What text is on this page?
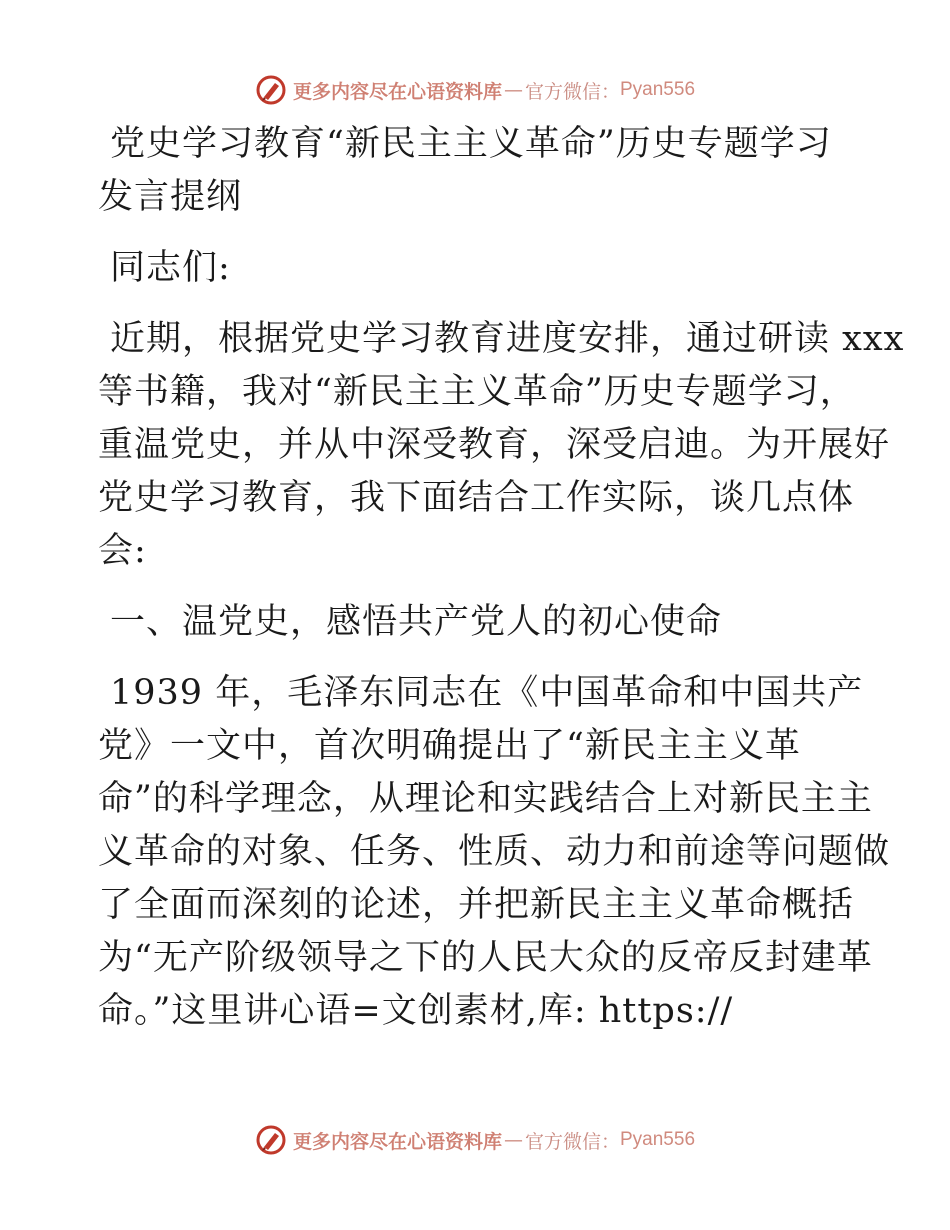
更多内容尽在心语资料库 — 官方微信： Pyan556
党史学习教育“新民主主义革命”历史专题学习
发言提纲
同志们:
近期，根据党史学习教育进度安排，通过研读 xxx
等书籍，我对“新民主主义革命”历史专题学习，
重温党史，并从中深受教育，深受启迪。为开展好
党史学习教育，我下面结合工作实际，谈几点体
会:
一、温党史，感悟共产党人的初心使命
1939 年，毛泽东同志在《中国革命和中国共产
党》一文中，首次明确提出了“新民主主义革
命”的科学理念，从理论和实践结合上对新民主主
义革命的对象、任务、性质、动力和前途等问题做
了全面而深刻的论述，并把新民主主义革命概括
为“无产阶级领导之下的人民大众的反帝反封建革
命。”这里讲心语=文创素材,库: https://
更多内容尽在心语资料库 — 官方微信： Pyan556
